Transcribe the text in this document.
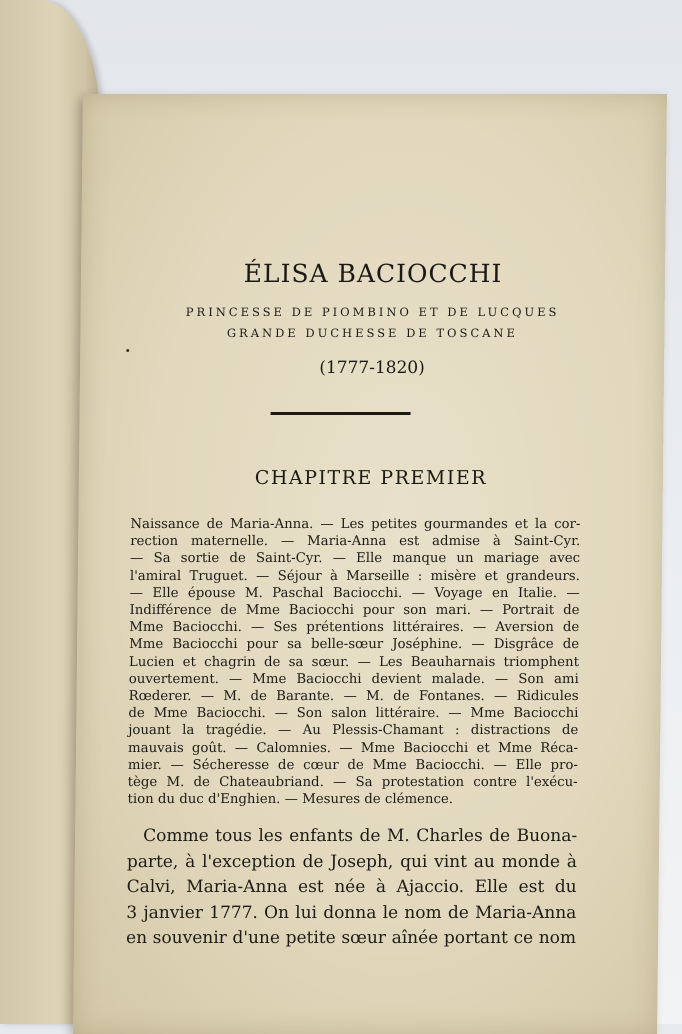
ÉLISA BACIOCCHI
PRINCESSE DE PIOMBINO ET DE LUCQUES
GRANDE DUCHESSE DE TOSCANE
(1777-1820)
CHAPITRE PREMIER
Naissance de Maria-Anna. — Les petites gourmandes et la cor-
rection maternelle. — Maria-Anna est admise à Saint-Cyr.
— Sa sortie de Saint-Cyr. — Elle manque un mariage avec
l'amiral Truguet. — Séjour à Marseille : misère et grandeurs.
— Elle épouse M. Paschal Baciocchi. — Voyage en Italie. —
Indifférence de Mme Baciocchi pour son mari. — Portrait de
Mme Baciocchi. — Ses prétentions littéraires. — Aversion de
Mme Baciocchi pour sa belle-sœur Joséphine. — Disgrâce de
Lucien et chagrin de sa sœur. — Les Beauharnais triomphent
ouvertement. — Mme Baciocchi devient malade. — Son ami
Rœderer. — M. de Barante. — M. de Fontanes. — Ridicules
de Mme Baciocchi. — Son salon littéraire. — Mme Baciocchi
jouant la tragédie. — Au Plessis-Chamant : distractions de
mauvais goût. — Calomnies. — Mme Baciocchi et Mme Réca-
mier. — Sécheresse de cœur de Mme Baciocchi. — Elle pro-
tège M. de Chateaubriand. — Sa protestation contre l'exécu-
tion du duc d'Enghien. — Mesures de clémence.
Comme tous les enfants de M. Charles de Buona-
parte, à l'exception de Joseph, qui vint au monde à
Calvi, Maria-Anna est née à Ajaccio. Elle est du
3 janvier 1777. On lui donna le nom de Maria-Anna
en souvenir d'une petite sœur aînée portant ce nom
